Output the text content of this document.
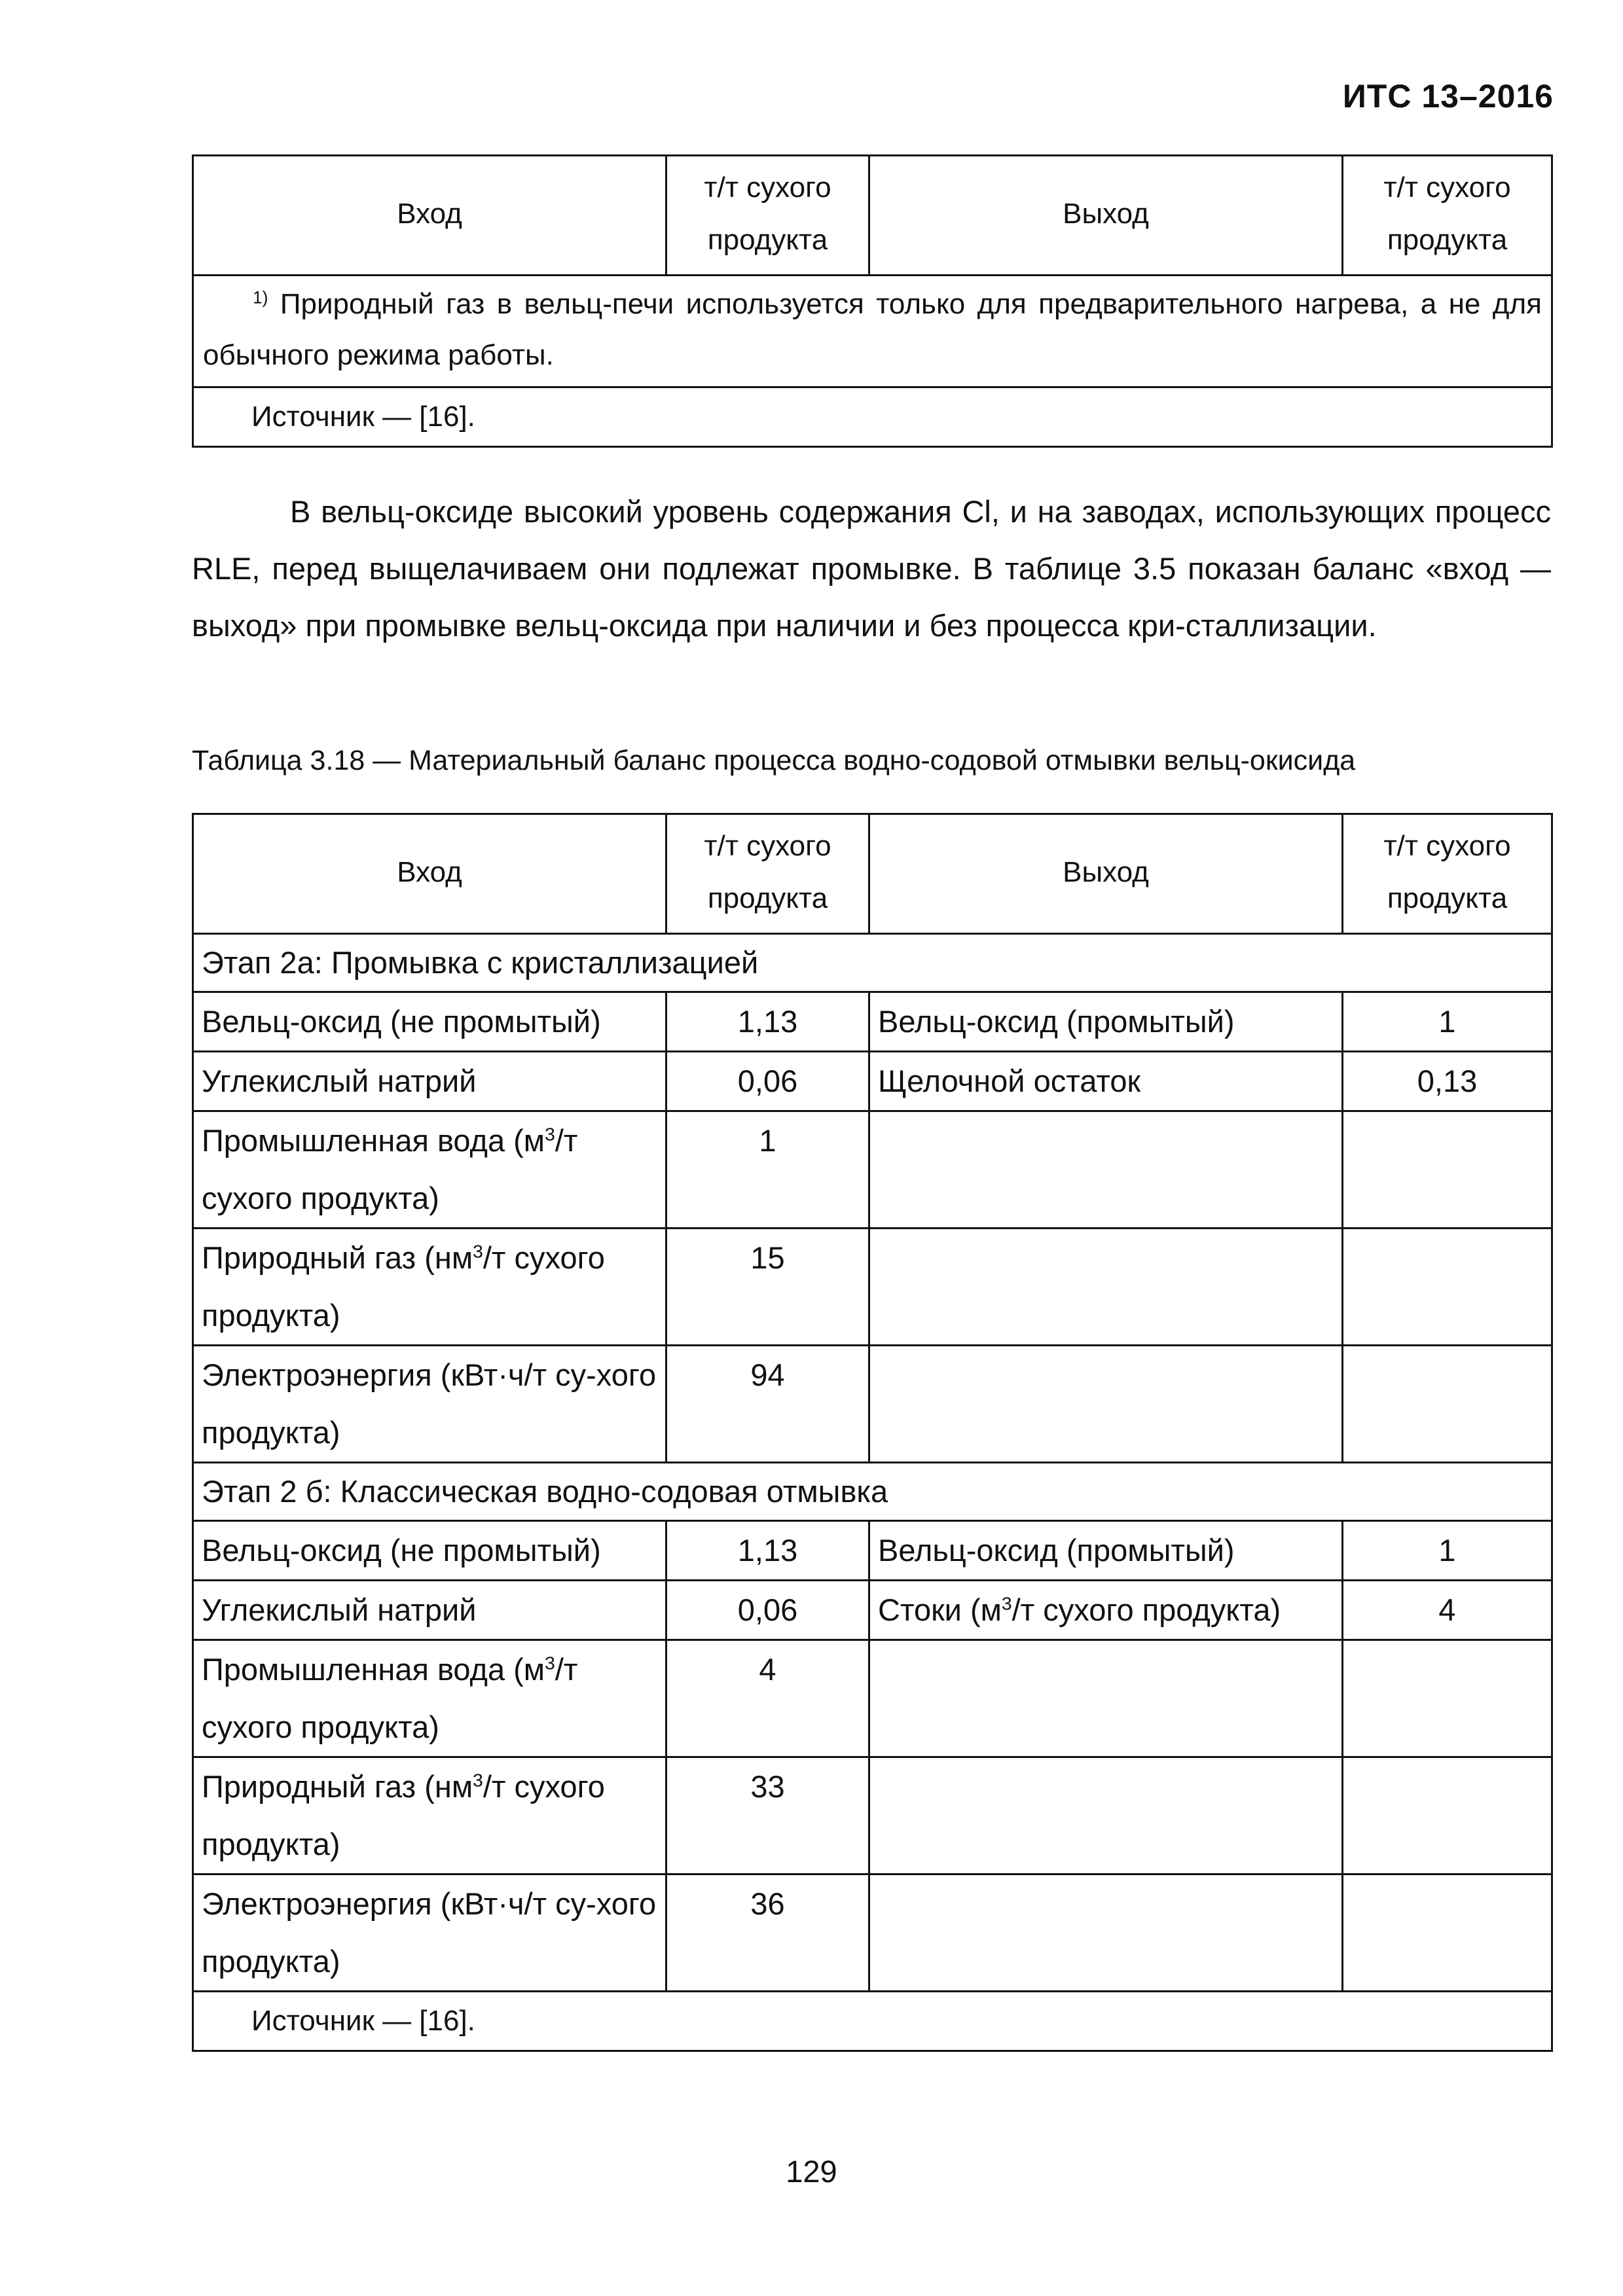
ИТС 13–2016
Вход	т/т сухого продукта	Выход	т/т сухого продукта
$^{1)}$ Природный газ в вельц-печи используется только для предварительного нагрева, а не для обычного режима работы.
Источник — [16].
В вельц-оксиде высокий уровень содержания Cl, и на заводах, использующих процесс RLE, перед выщелачиваем они подлежат промывке. В таблице 3.5 показан баланс «вход — выход» при промывке вельц-оксида при наличии и без процесса кри-сталлизации.
Таблица 3.18 — Материальный баланс процесса водно-содовой отмывки вельц-окисида
Вход	т/т сухого продукта	Выход	т/т сухого продукта
Этап 2а: Промывка с кристаллизацией			
Вельц-оксид (не промытый)	1,13	Вельц-оксид (промытый)	1
Углекислый натрий	0,06	Щелочной остаток	0,13
Промышленная вода ($м^3/т$ сухого продукта)	1		
Природный газ ($нм^3/т$ сухого продукта)	15		
Электроэнергия (кВт·ч/т су-хого продукта)	94		
Этап 2 б: Классическая водно-содовая отмывка			
Вельц-оксид (не промытый)	1,13	Вельц-оксид (промытый)	1
Углекислый натрий	0,06	Стоки ($м^3/т$ сухого продукта)	4
Промышленная вода ($м^3/т$ сухого продукта)	4		
Природный газ ($нм^3/т$ сухого продукта)	33		
Электроэнергия (кВт·ч/т су-хого продукта)	36		
Источник — [16].			
129
